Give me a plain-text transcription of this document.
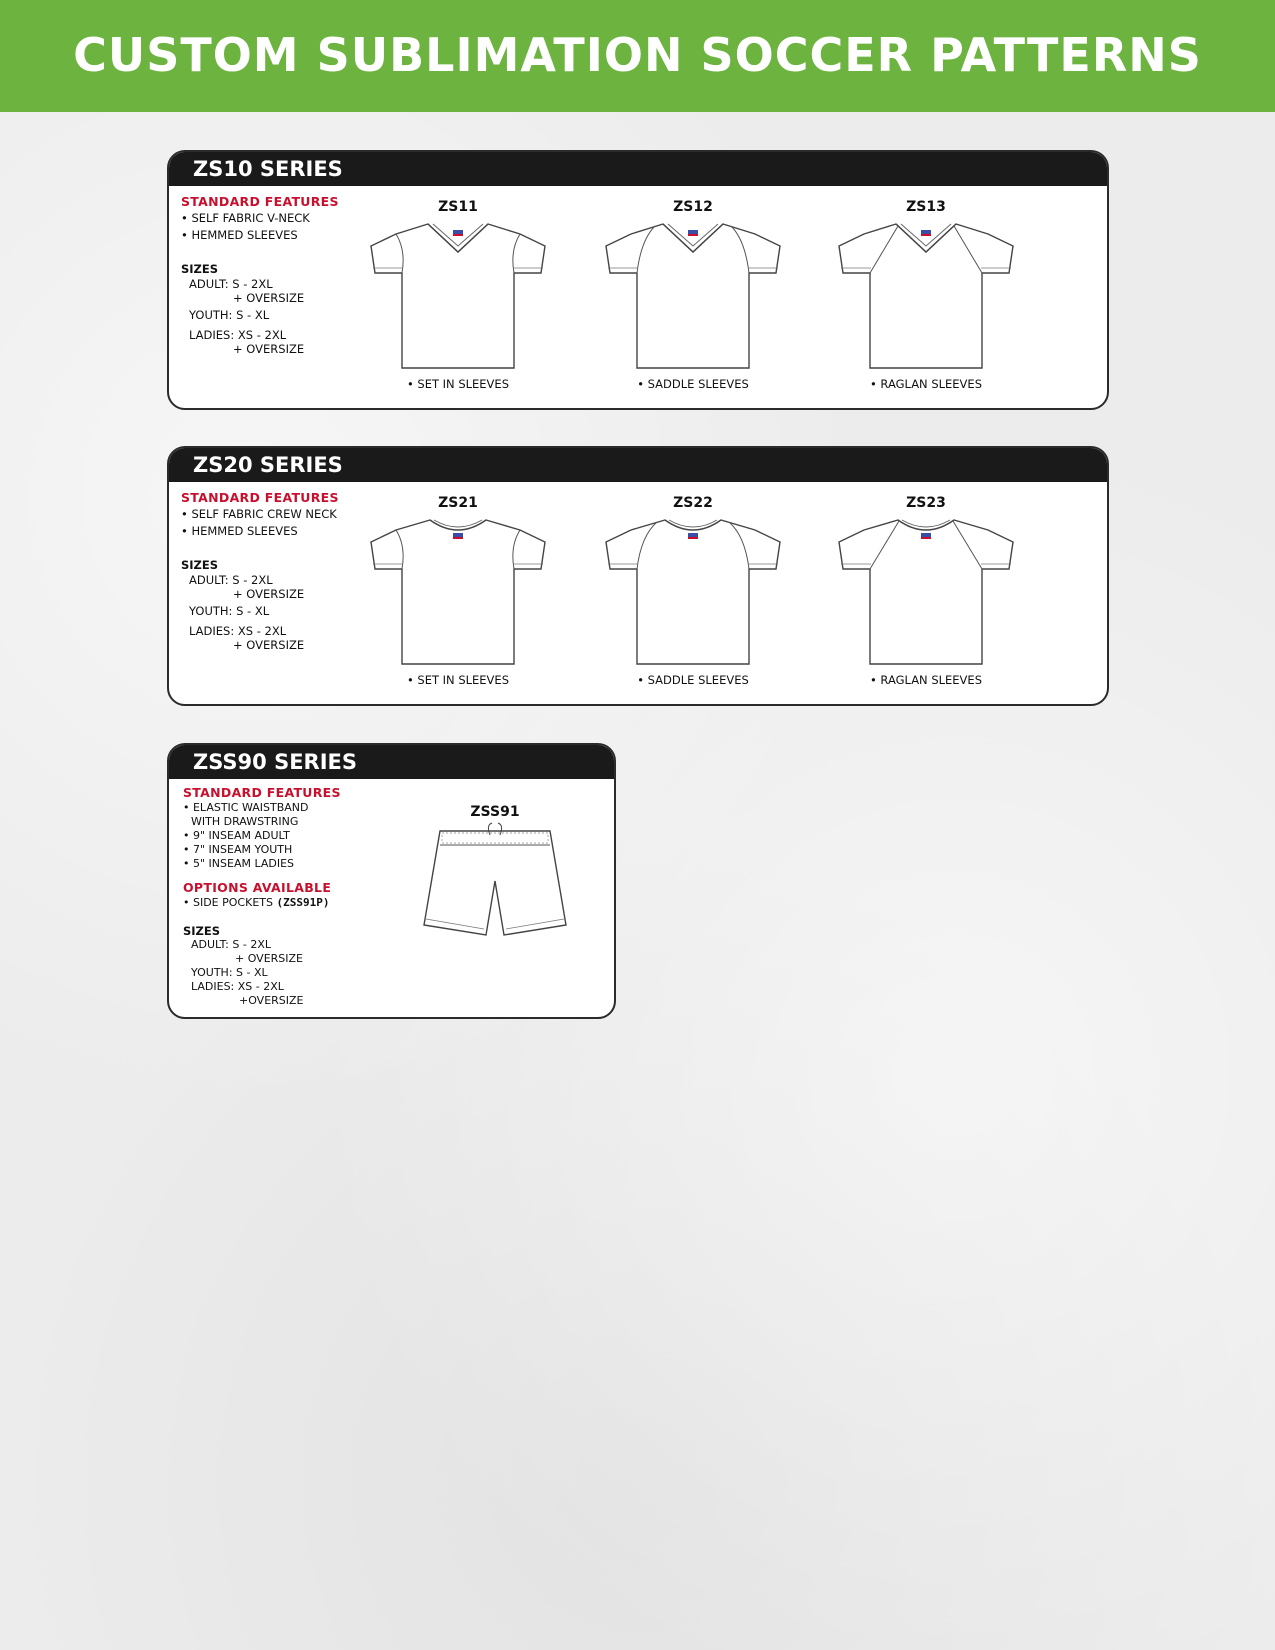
CUSTOM SUBLIMATION SOCCER PATTERNS
ZS10 SERIES
STANDARD FEATURES
• SELF FABRIC V-NECK
• HEMMED SLEEVES
SIZES
ADULT: S - 2XL
+ OVERSIZE
YOUTH: S - XL
LADIES: XS - 2XL
+ OVERSIZE
ZS11
• SET IN SLEEVES
ZS12
• SADDLE SLEEVES
ZS13
• RAGLAN SLEEVES
ZS20 SERIES
STANDARD FEATURES
• SELF FABRIC CREW NECK
• HEMMED SLEEVES
SIZES
ADULT: S - 2XL
+ OVERSIZE
YOUTH: S - XL
LADIES: XS - 2XL
+ OVERSIZE
ZS21
• SET IN SLEEVES
ZS22
• SADDLE SLEEVES
ZS23
• RAGLAN SLEEVES
ZSS90 SERIES
STANDARD FEATURES
• ELASTIC WAISTBAND
WITH DRAWSTRING
• 9" INSEAM ADULT
• 7" INSEAM YOUTH
• 5" INSEAM LADIES
OPTIONS AVAILABLE
• SIDE POCKETS (ZSS91P)
SIZES
ADULT: S - 2XL
+ OVERSIZE
YOUTH: S - XL
LADIES: XS - 2XL
+OVERSIZE
ZSS91
